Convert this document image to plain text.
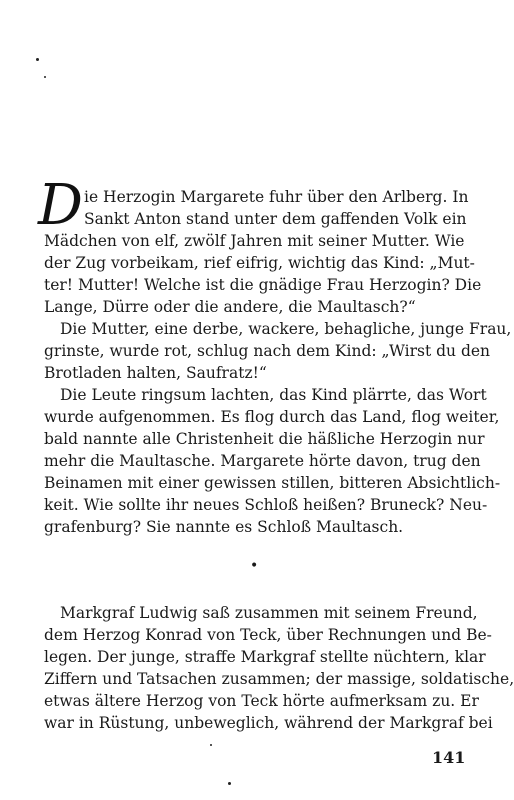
D ie Herzogin Margarete fuhr über den Arlberg. In
Sankt Anton stand unter dem gaffenden Volk ein
Mädchen von elf, zwölf Jahren mit seiner Mutter. Wie
der Zug vorbeikam, rief eifrig, wichtig das Kind: „Mut-
ter! Mutter! Welche ist die gnädige Frau Herzogin? Die
Lange, Dürre oder die andere, die Maultasch?“
Die Mutter, eine derbe, wackere, behagliche, junge Frau,
grinste, wurde rot, schlug nach dem Kind: „Wirst du den
Brotladen halten, Saufratz!“
Die Leute ringsum lachten, das Kind plärrte, das Wort
wurde aufgenommen. Es flog durch das Land, flog weiter,
bald nannte alle Christenheit die häßliche Herzogin nur
mehr die Maultasche. Margarete hörte davon, trug den
Beinamen mit einer gewissen stillen, bitteren Absichtlich-
keit. Wie sollte ihr neues Schloß heißen? Bruneck? Neu-
grafenburg? Sie nannte es Schloß Maultasch.
•
Markgraf Ludwig saß zusammen mit seinem Freund,
dem Herzog Konrad von Teck, über Rechnungen und Be-
legen. Der junge, straffe Markgraf stellte nüchtern, klar
Ziffern und Tatsachen zusammen; der massige, soldatische,
etwas ältere Herzog von Teck hörte aufmerksam zu. Er
war in Rüstung, unbeweglich, während der Markgraf bei
141
